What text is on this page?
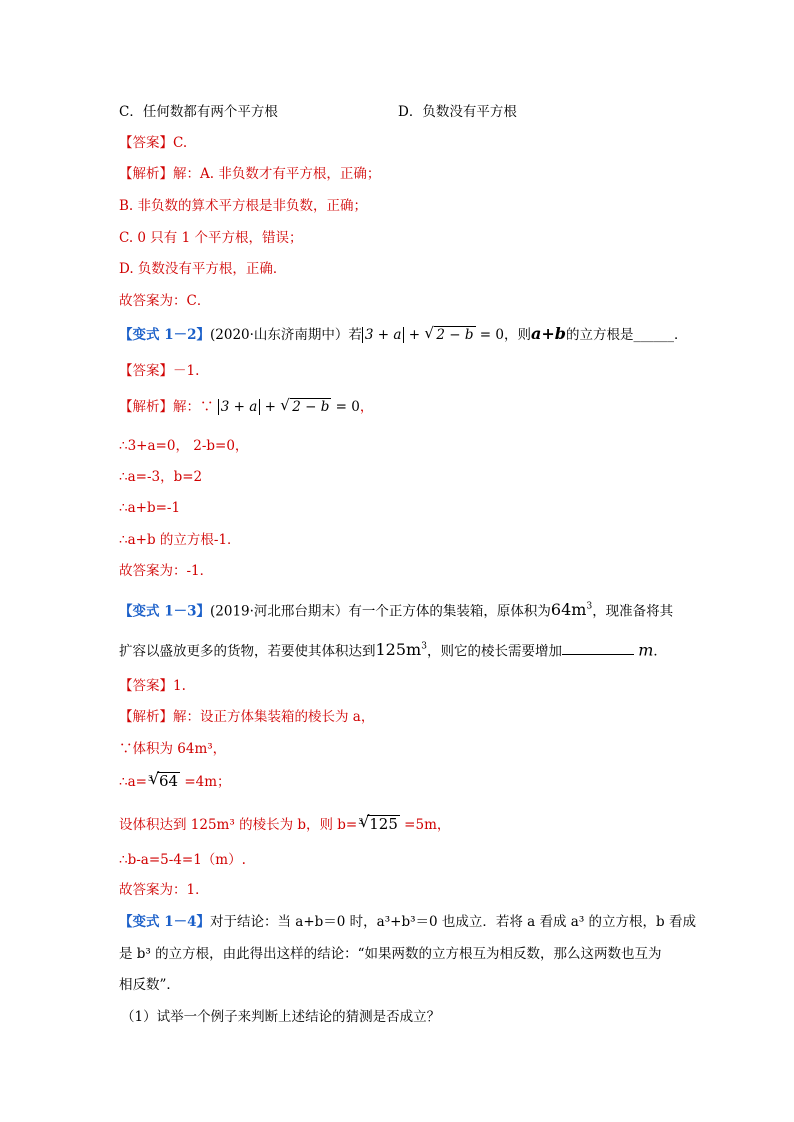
C．任何数都有两个平方根	D．负数没有平方根
【答案】C.
【解析】解：A. 非负数才有平方根，正确；
B. 非负数的算术平方根是非负数，正确；
C. 0 只有 1 个平方根，错误；
D. 负数没有平方根，正确．
故答案为：C．
【变式 1－2】(2020·山东济南期中）若 3 + a + √ 2 − b = 0，则a+b的立方根是______．
【答案】－1.
【解析】解：∵ 3 + a + √ 2 − b = 0，
∴3+a=0， 2-b=0，
∴a=-3，b=2
∴a+b=-1
∴a+b 的立方根-1．
故答案为：-1．
【变式 1－3】(2019·河北邢台期末）有一个正方体的集装箱，原体积为$64m^3$，现准备将其
扩容以盛放更多的货物，若要使其体积达到$125m^3$，则它的棱长需要增加	m．
【答案】1.
【解析】解：设正方体集装箱的棱长为 a，
∵体积为 64m³，
∴a= √ 3 64 =4m；
设体积达到 125m³ 的棱长为 b，则 b= √ 3 125 =5m，
∴b-a=5-4=1（m）.
故答案为：1．
【变式 1－4】对于结论：当 a+b＝0 时，a³+b³＝0 也成立．若将 a 看成 a³ 的立方根，b 看成
是 b³ 的立方根，由此得出这样的结论：“如果两数的立方根互为相反数，那么这两数也互为
相反数”．
（1）试举一个例子来判断上述结论的猜测是否成立？
